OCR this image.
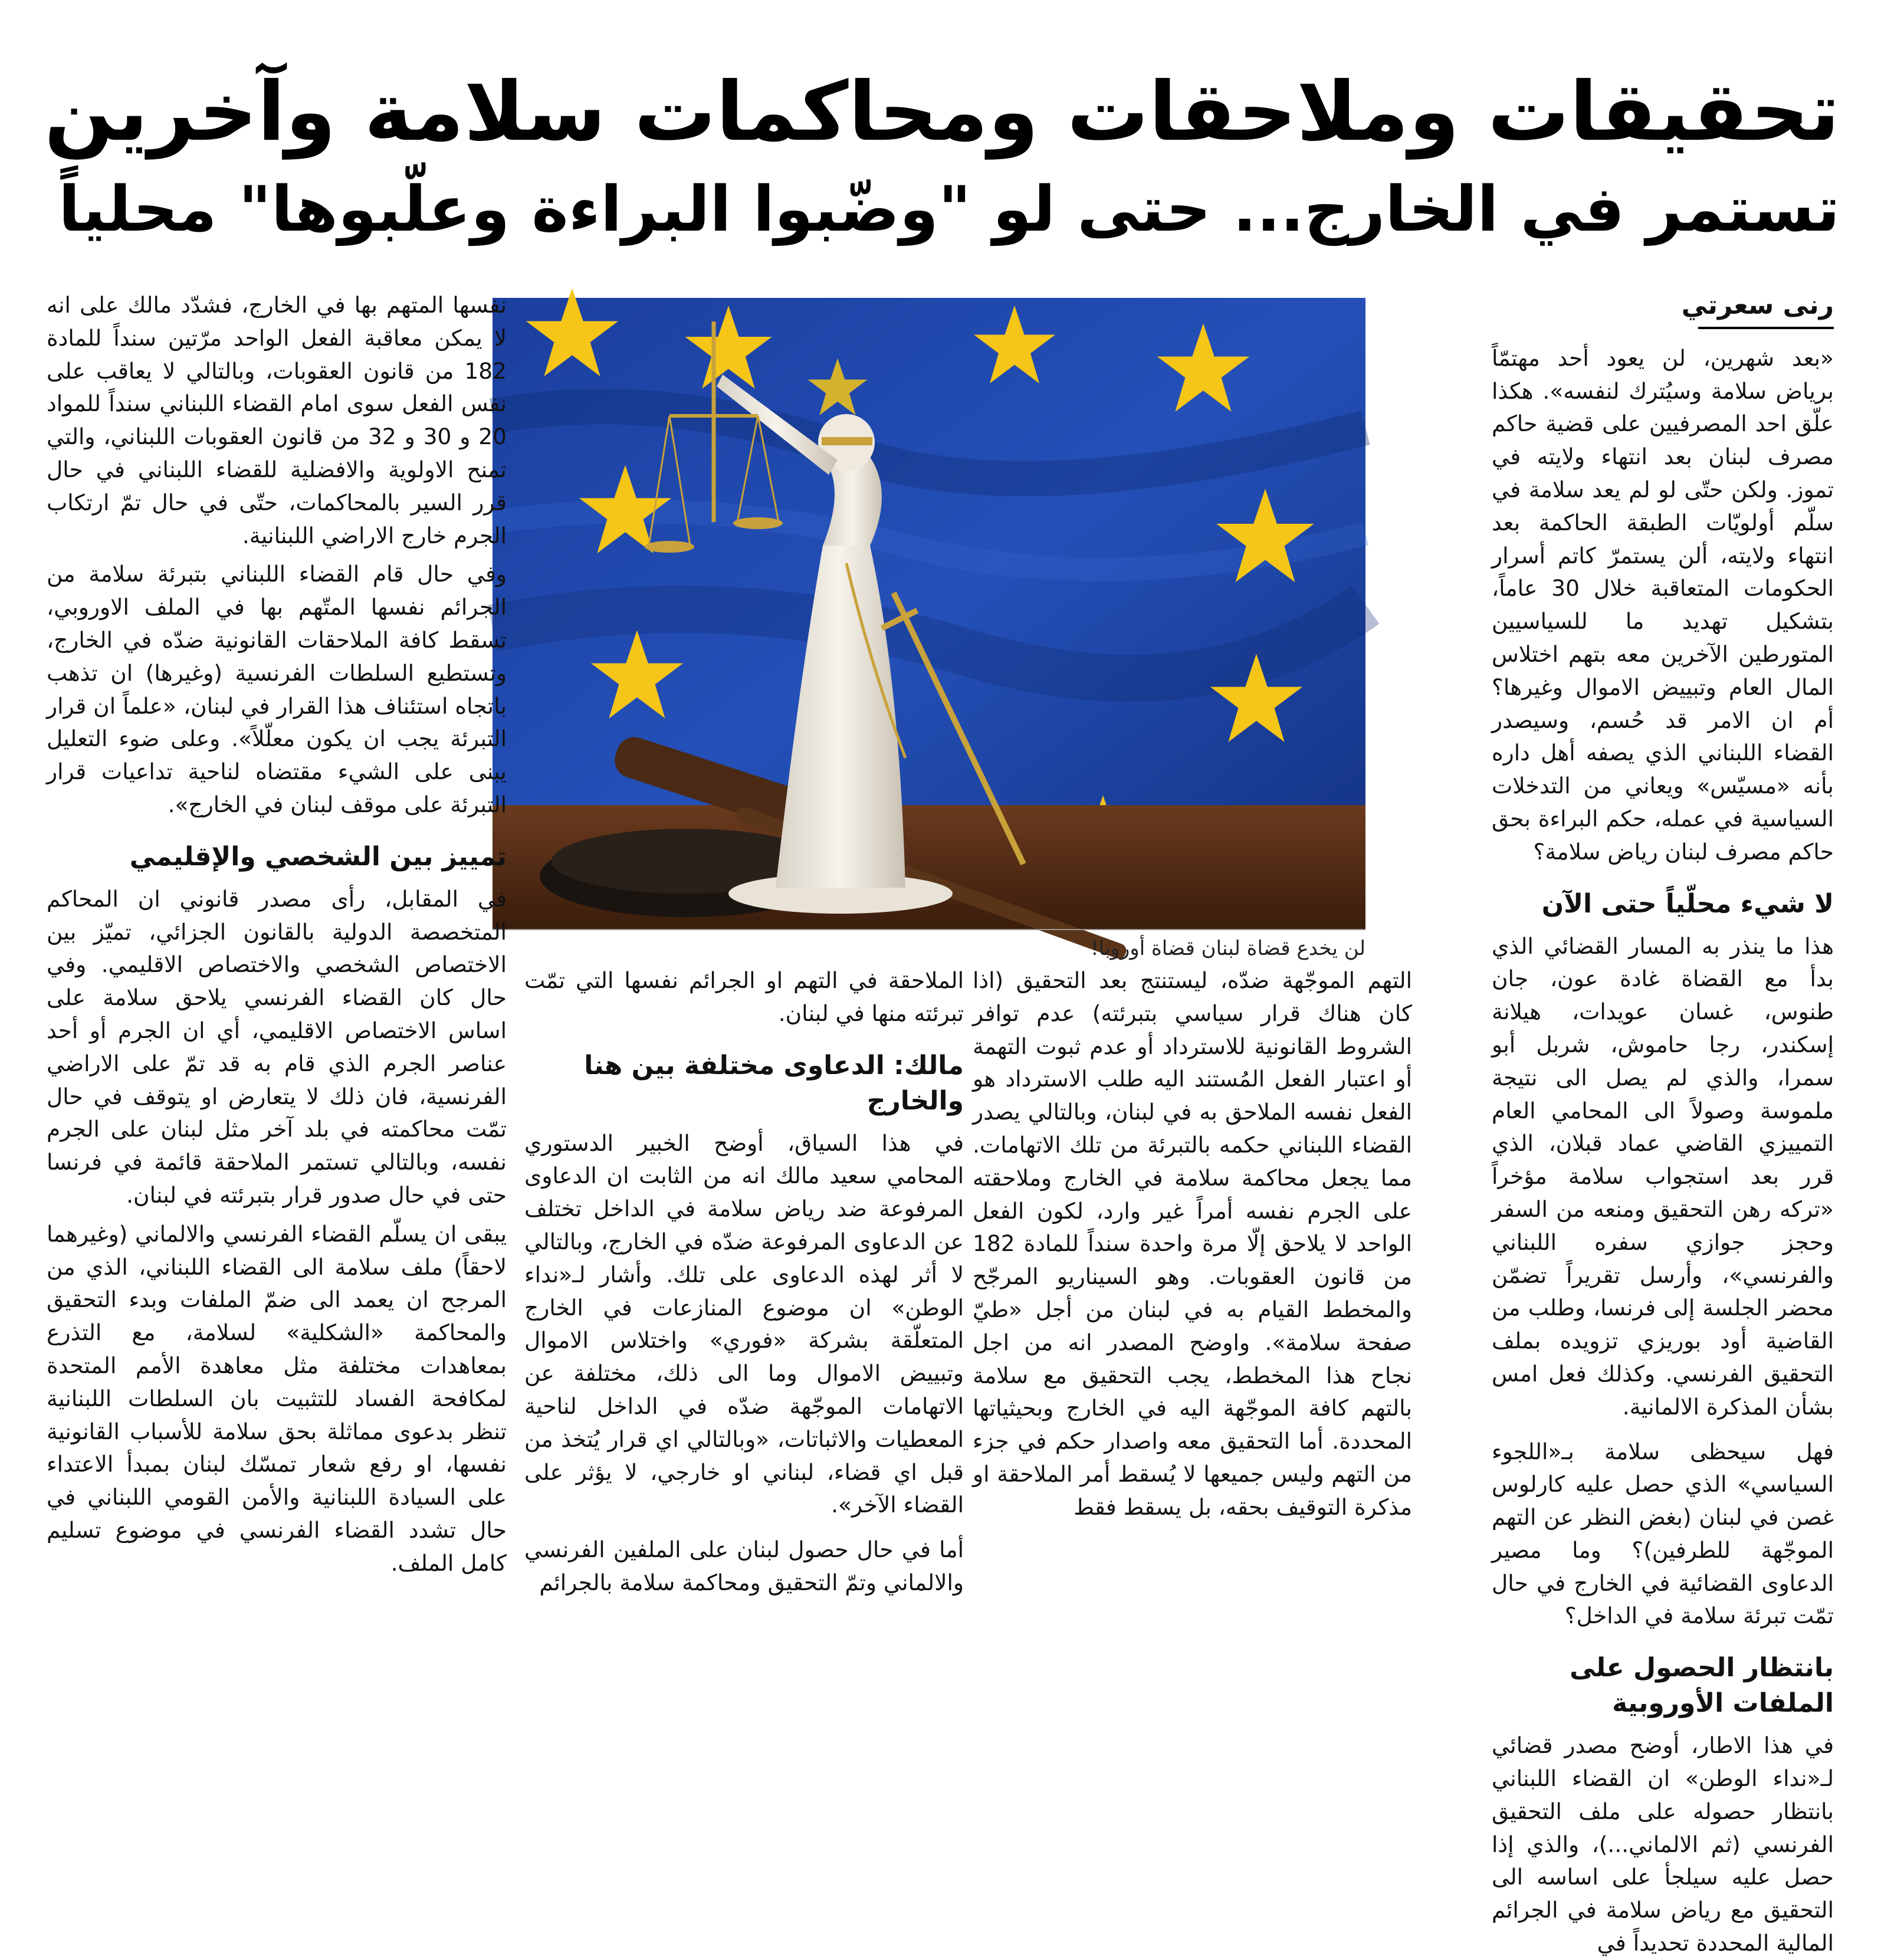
تحقيقات وملاحقات ومحاكمات سلامة وآخرين
تستمر في الخارج... حتى لو "وضّبوا البراءة وعلّبوها" محلياً
رنى سعرتي

«بعد شهرين، لن يعود أحد مهتمّاً برياض سلامة وسيُترك لنفسه». هكذا علّق احد المصرفيين على قضية حاكم مصرف لبنان بعد انتهاء ولايته في تموز. ولكن حتّى لو لم يعد سلامة في سلّم أولويّات الطبقة الحاكمة بعد انتهاء ولايته، ألن يستمرّ كاتم أسرار الحكومات المتعاقبة خلال 30 عاماً، بتشكيل تهديد ما للسياسيين المتورطين الآخرين معه بتهم اختلاس المال العام وتبييض الاموال وغيرها؟ أم ان الامر قد حُسم، وسيصدر القضاء اللبناني الذي يصفه أهل داره بأنه «مسيّس» ويعاني من التدخلات السياسية في عمله، حكم البراءة بحق حاكم مصرف لبنان رياض سلامة؟

لا شيء محلّياً حتى الآن

هذا ما ينذر به المسار القضائي الذي بدأ مع القضاة غادة عون، جان طنوس، غسان عويدات، هيلانة إسكندر، رجا حاموش، شربل أبو سمرا، والذي لم يصل الى نتيجة ملموسة وصولاً الى المحامي العام التمييزي القاضي عماد قبلان، الذي قرر بعد استجواب سلامة مؤخراً «تركه رهن التحقيق ومنعه من السفر وحجز جوازي سفره اللبناني والفرنسي»، وأرسل تقريراً تضمّن محضر الجلسة إلى فرنسا، وطلب من القاضية أود بوريزي تزويده بملف التحقيق الفرنسي. وكذلك فعل امس بشأن المذكرة الالمانية.

فهل سيحظى سلامة بـ«اللجوء السياسي» الذي حصل عليه كارلوس غصن في لبنان (بغض النظر عن التهم الموجّهة للطرفين)؟ وما مصير الدعاوى القضائية في الخارج في حال تمّت تبرئة سلامة في الداخل؟

بانتظار الحصول على الملفات الأوروبية

في هذا الاطار، أوضح مصدر قضائي لـ«نداء الوطن» ان القضاء اللبناني بانتظار حصوله على ملف التحقيق الفرنسي (ثم الالماني...)، والذي إذا حصل عليه سيلجأ على اساسه الى التحقيق مع رياض سلامة في الجرائم المالية المحددة تحديداً في

لن يخدع قضاة لبنان قضاة أوروبا!

التهم الموجّهة ضدّه، ليستنتج بعد التحقيق (اذا كان هناك قرار سياسي بتبرئته) عدم توافر الشروط القانونية للاسترداد أو عدم ثبوت التهمة أو اعتبار الفعل المُستند اليه طلب الاسترداد هو الفعل نفسه الملاحق به في لبنان، وبالتالي يصدر القضاء اللبناني حكمه بالتبرئة من تلك الاتهامات. مما يجعل محاكمة سلامة في الخارج وملاحقته على الجرم نفسه أمراً غير وارد، لكون الفعل الواحد لا يلاحق إلّا مرة واحدة سنداً للمادة 182 من قانون العقوبات. وهو السيناريو المرجّح والمخطط القيام به في لبنان من أجل «طيّ صفحة سلامة». واوضح المصدر انه من اجل نجاح هذا المخطط، يجب التحقيق مع سلامة بالتهم كافة الموجّهة اليه في الخارج وبحيثياتها المحددة. أما التحقيق معه واصدار حكم في جزء من التهم وليس جميعها لا يُسقط أمر الملاحقة او مذكرة التوقيف بحقه، بل يسقط فقط

الملاحقة في التهم او الجرائم نفسها التي تمّت تبرئته منها في لبنان.

مالك: الدعاوى مختلفة بين هنا والخارج

في هذا السياق، أوضح الخبير الدستوري المحامي سعيد مالك انه من الثابت ان الدعاوى المرفوعة ضد رياض سلامة في الداخل تختلف عن الدعاوى المرفوعة ضدّه في الخارج، وبالتالي لا أثر لهذه الدعاوى على تلك. وأشار لـ«نداء الوطن» ان موضوع المنازعات في الخارج المتعلّقة بشركة «فوري» واختلاس الاموال وتبييض الاموال وما الى ذلك، مختلفة عن الاتهامات الموجّهة ضدّه في الداخل لناحية المعطيات والاثباتات، «وبالتالي اي قرار يُتخذ من قبل اي قضاء، لبناني او خارجي، لا يؤثر على القضاء الآخر».

أما في حال حصول لبنان على الملفين الفرنسي والالماني وتمّ التحقيق ومحاكمة سلامة بالجرائم

نفسها المتهم بها في الخارج، فشدّد مالك على انه لا يمكن معاقبة الفعل الواحد مرّتين سنداً للمادة 182 من قانون العقوبات، وبالتالي لا يعاقب على نفس الفعل سوى امام القضاء اللبناني سنداً للمواد 20 و 30 و 32 من قانون العقوبات اللبناني، والتي تمنح الاولوية والافضلية للقضاء اللبناني في حال قرر السير بالمحاكمات، حتّى في حال تمّ ارتكاب الجرم خارج الاراضي اللبنانية.

وفي حال قام القضاء اللبناني بتبرئة سلامة من الجرائم نفسها المتّهم بها في الملف الاوروبي، تسقط كافة الملاحقات القانونية ضدّه في الخارج، وتستطيع السلطات الفرنسية (وغيرها) ان تذهب باتجاه استئناف هذا القرار في لبنان، «علماً ان قرار التبرئة يجب ان يكون معلّلاً». وعلى ضوء التعليل يبنى على الشيء مقتضاه لناحية تداعيات قرار التبرئة على موقف لبنان في الخارج».

تمييز بين الشخصي والإقليمي

في المقابل، رأى مصدر قانوني ان المحاكم المتخصصة الدولية بالقانون الجزائي، تميّز بين الاختصاص الشخصي والاختصاص الاقليمي. وفي حال كان القضاء الفرنسي يلاحق سلامة على اساس الاختصاص الاقليمي، أي ان الجرم أو أحد عناصر الجرم الذي قام به قد تمّ على الاراضي الفرنسية، فان ذلك لا يتعارض او يتوقف في حال تمّت محاكمته في بلد آخر مثل لبنان على الجرم نفسه، وبالتالي تستمر الملاحقة قائمة في فرنسا حتى في حال صدور قرار بتبرئته في لبنان.

يبقى ان يسلّم القضاء الفرنسي والالماني (وغيرهما لاحقاً) ملف سلامة الى القضاء اللبناني، الذي من المرجح ان يعمد الى ضمّ الملفات وبدء التحقيق والمحاكمة «الشكلية» لسلامة، مع التذرع بمعاهدات مختلفة مثل معاهدة الأمم المتحدة لمكافحة الفساد للتثبيت بان السلطات اللبنانية تنظر بدعوى مماثلة بحق سلامة للأسباب القانونية نفسها، او رفع شعار تمسّك لبنان بمبدأ الاعتداء على السيادة اللبنانية والأمن القومي اللبناني في حال تشدد القضاء الفرنسي في موضوع تسليم كامل الملف.
